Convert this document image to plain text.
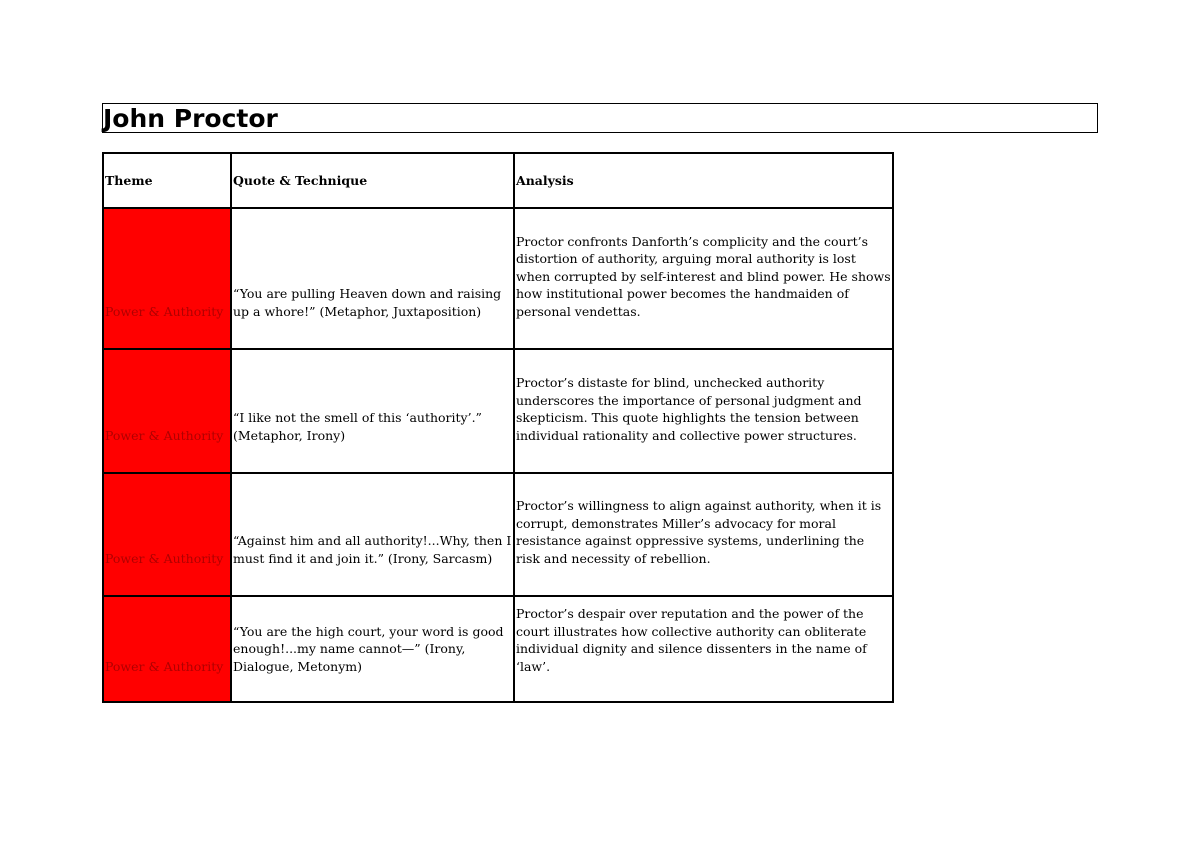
John Proctor
Theme	Quote & Technique	Analysis
Power & Authority	“You are pulling Heaven down and raising up a whore!” (Metaphor, Juxtaposition)	Proctor confronts Danforth’s complicity and the court’s distortion of authority, arguing moral authority is lost when corrupted by self-interest and blind power. He shows how institutional power becomes the handmaiden of personal vendettas.
Power & Authority	“I like not the smell of this ‘authority’.” (Metaphor, Irony)	Proctor’s distaste for blind, unchecked authority underscores the importance of personal judgment and skepticism. This quote highlights the tension between individual rationality and collective power structures.
Power & Authority	“Against him and all authority!...Why, then I must find it and join it.” (Irony, Sarcasm)	Proctor’s willingness to align against authority, when it is corrupt, demonstrates Miller’s advocacy for moral resistance against oppressive systems, underlining the risk and necessity of rebellion.
Power & Authority	“You are the high court, your word is good enough!...my name cannot—” (Irony, Dialogue, Metonym)	Proctor’s despair over reputation and the power of the court illustrates how collective authority can obliterate individual dignity and silence dissenters in the name of ‘law’.
